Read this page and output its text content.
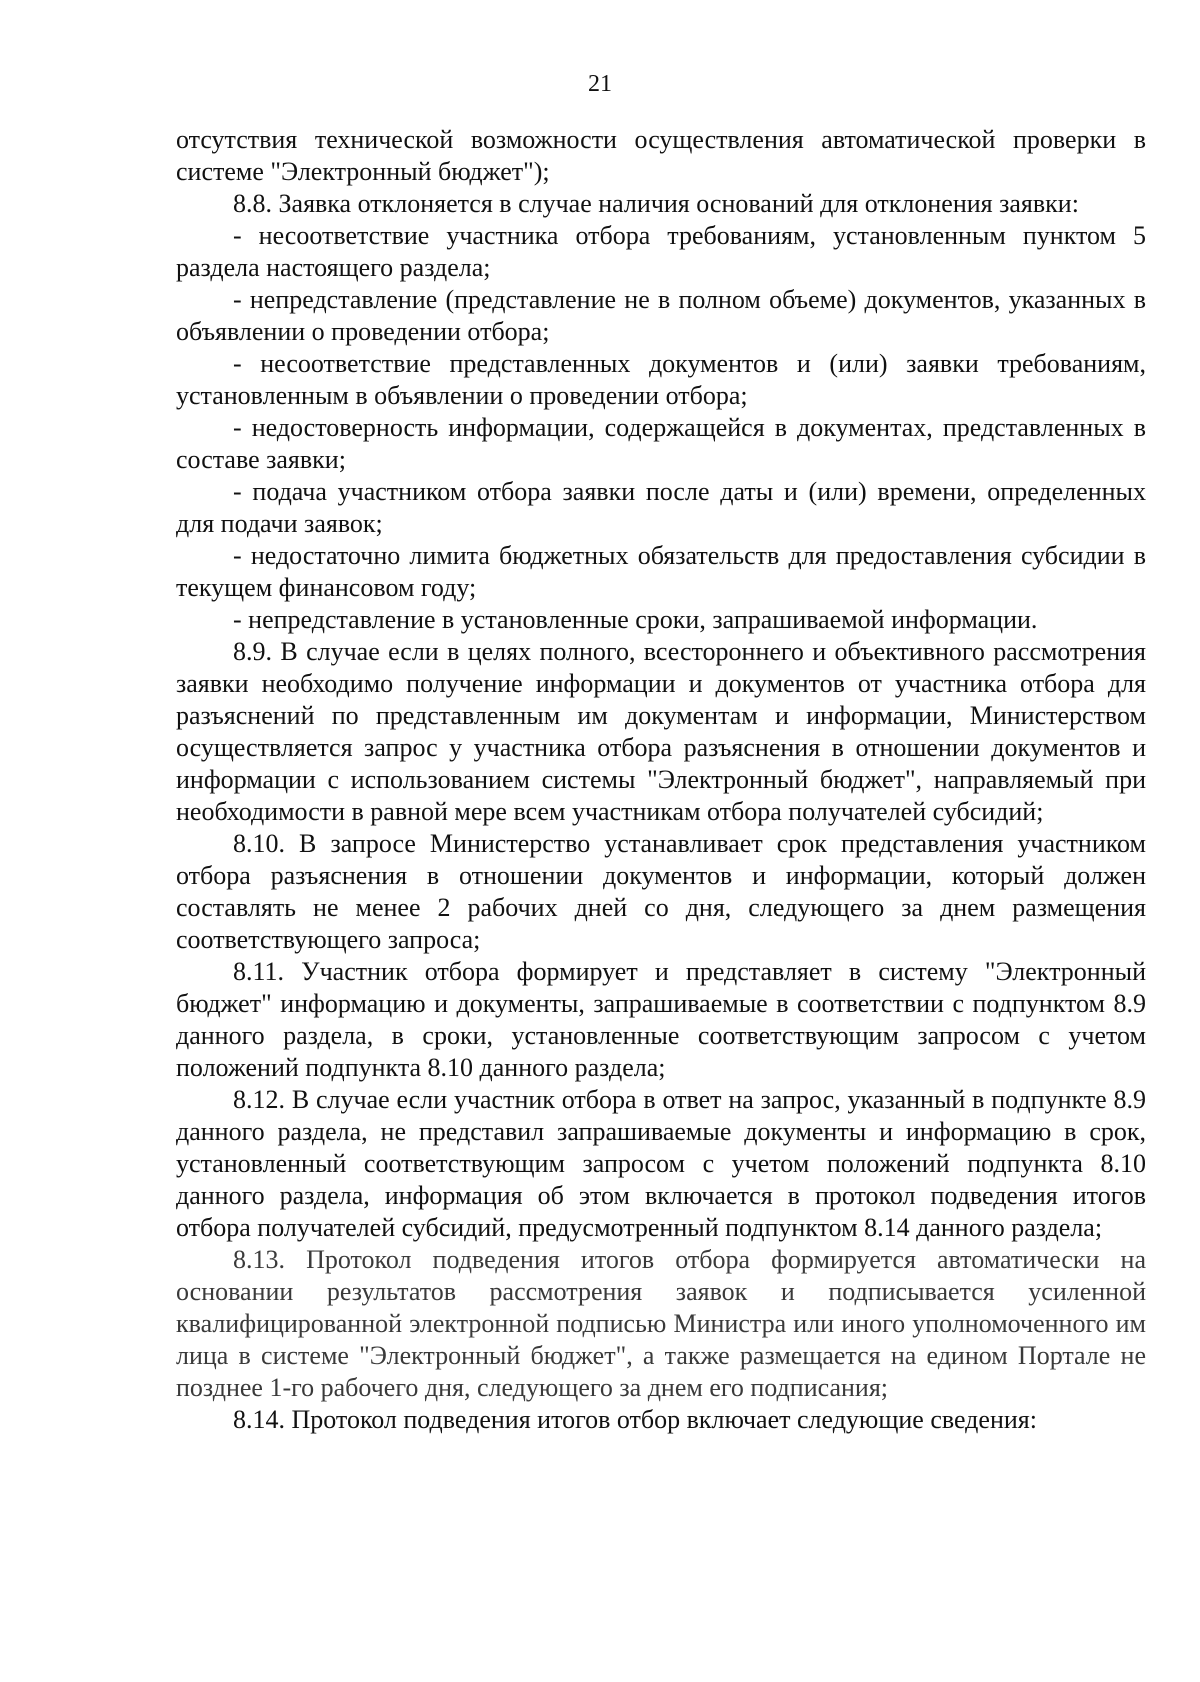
21

отсутствия технической возможности осуществления автоматической проверки в системе "Электронный бюджет");

8.8. Заявка отклоняется в случае наличия оснований для отклонения заявки:

- несоответствие участника отбора требованиям, установленным пунктом 5 раздела настоящего раздела;

- непредставление (представление не в полном объеме) документов, указанных в объявлении о проведении отбора;

- несоответствие представленных документов и (или) заявки требованиям, установленным в объявлении о проведении отбора;

- недостоверность информации, содержащейся в документах, представленных в составе заявки;

- подача участником отбора заявки после даты и (или) времени, определенных для подачи заявок;

- недостаточно лимита бюджетных обязательств для предоставления субсидии в текущем финансовом году;

- непредставление в установленные сроки, запрашиваемой информации.

8.9. В случае если в целях полного, всестороннего и объективного рассмотрения заявки необходимо получение информации и документов от участника отбора для разъяснений по представленным им документам и информации, Министерством осуществляется запрос у участника отбора разъяснения в отношении документов и информации с использованием системы "Электронный бюджет", направляемый при необходимости в равной мере всем участникам отбора получателей субсидий;

8.10. В запросе Министерство устанавливает срок представления участником отбора разъяснения в отношении документов и информации, который должен составлять не менее 2 рабочих дней со дня, следующего за днем размещения соответствующего запроса;

8.11. Участник отбора формирует и представляет в систему "Электронный бюджет" информацию и документы, запрашиваемые в соответствии с подпунктом 8.9 данного раздела, в сроки, установленные соответствующим запросом с учетом положений подпункта 8.10 данного раздела;

8.12. В случае если участник отбора в ответ на запрос, указанный в подпункте 8.9 данного раздела, не представил запрашиваемые документы и информацию в срок, установленный соответствующим запросом с учетом положений подпункта 8.10 данного раздела, информация об этом включается в протокол подведения итогов отбора получателей субсидий, предусмотренный подпунктом 8.14 данного раздела;

8.13. Протокол подведения итогов отбора формируется автоматически на основании результатов рассмотрения заявок и подписывается усиленной квалифицированной электронной подписью Министра или иного уполномоченного им лица в системе "Электронный бюджет", а также размещается на едином Портале не позднее 1-го рабочего дня, следующего за днем его подписания;

8.14. Протокол подведения итогов отбор включает следующие сведения:
